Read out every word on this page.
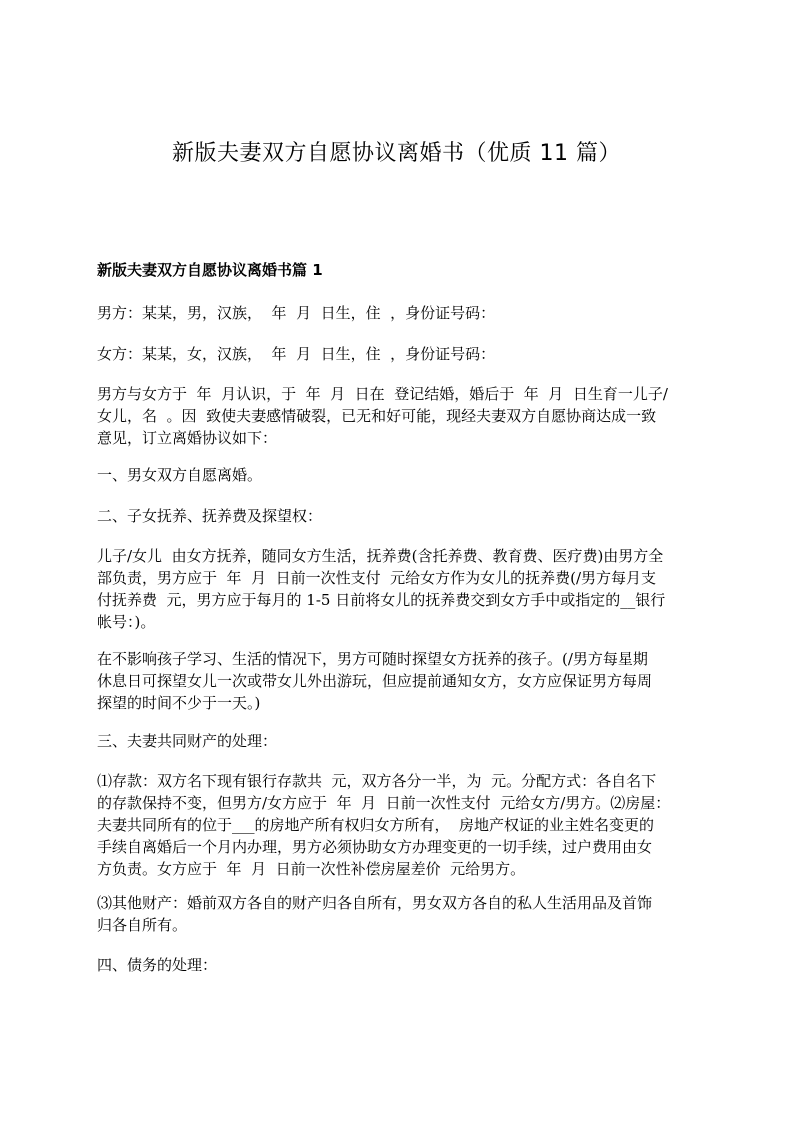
新版夫妻双方自愿协议离婚书（优质 11 篇）
新版夫妻双方自愿协议离婚书篇 1

男方：某某，男，汉族，  年  月  日生，住  ，身份证号码：

女方：某某，女，汉族，  年  月  日生，住  ，身份证号码：

男方与女方于  年  月认识，于  年  月  日在  登记结婚，婚后于  年  月  日生育一儿子/
女儿，名  。因  致使夫妻感情破裂，已无和好可能，现经夫妻双方自愿协商达成一致
意见，订立离婚协议如下：

一、男女双方自愿离婚。

二、子女抚养、抚养费及探望权：

儿子/女儿  由女方抚养，随同女方生活，抚养费(含托养费、教育费、医疗费)由男方全
部负责，男方应于  年  月  日前一次性支付  元给女方作为女儿的抚养费(/男方每月支
付抚养费  元，男方应于每月的 1-5 日前将女儿的抚养费交到女方手中或指定的__银行
帐号：)。

在不影响孩子学习、生活的情况下，男方可随时探望女方抚养的孩子。(/男方每星期
休息日可探望女儿一次或带女儿外出游玩，但应提前通知女方，女方应保证男方每周
探望的时间不少于一天。)

三、夫妻共同财产的处理：

⑴存款：双方名下现有银行存款共  元，双方各分一半，为  元。分配方式：各自名下
的存款保持不变，但男方/女方应于  年  月  日前一次性支付  元给女方/男方。⑵房屋：
夫妻共同所有的位于___的房地产所有权归女方所有，  房地产权证的业主姓名变更的
手续自离婚后一个月内办理，男方必须协助女方办理变更的一切手续，过户费用由女
方负责。女方应于  年  月  日前一次性补偿房屋差价  元给男方。

⑶其他财产：婚前双方各自的财产归各自所有，男女双方各自的私人生活用品及首饰
归各自所有。

四、债务的处理：
